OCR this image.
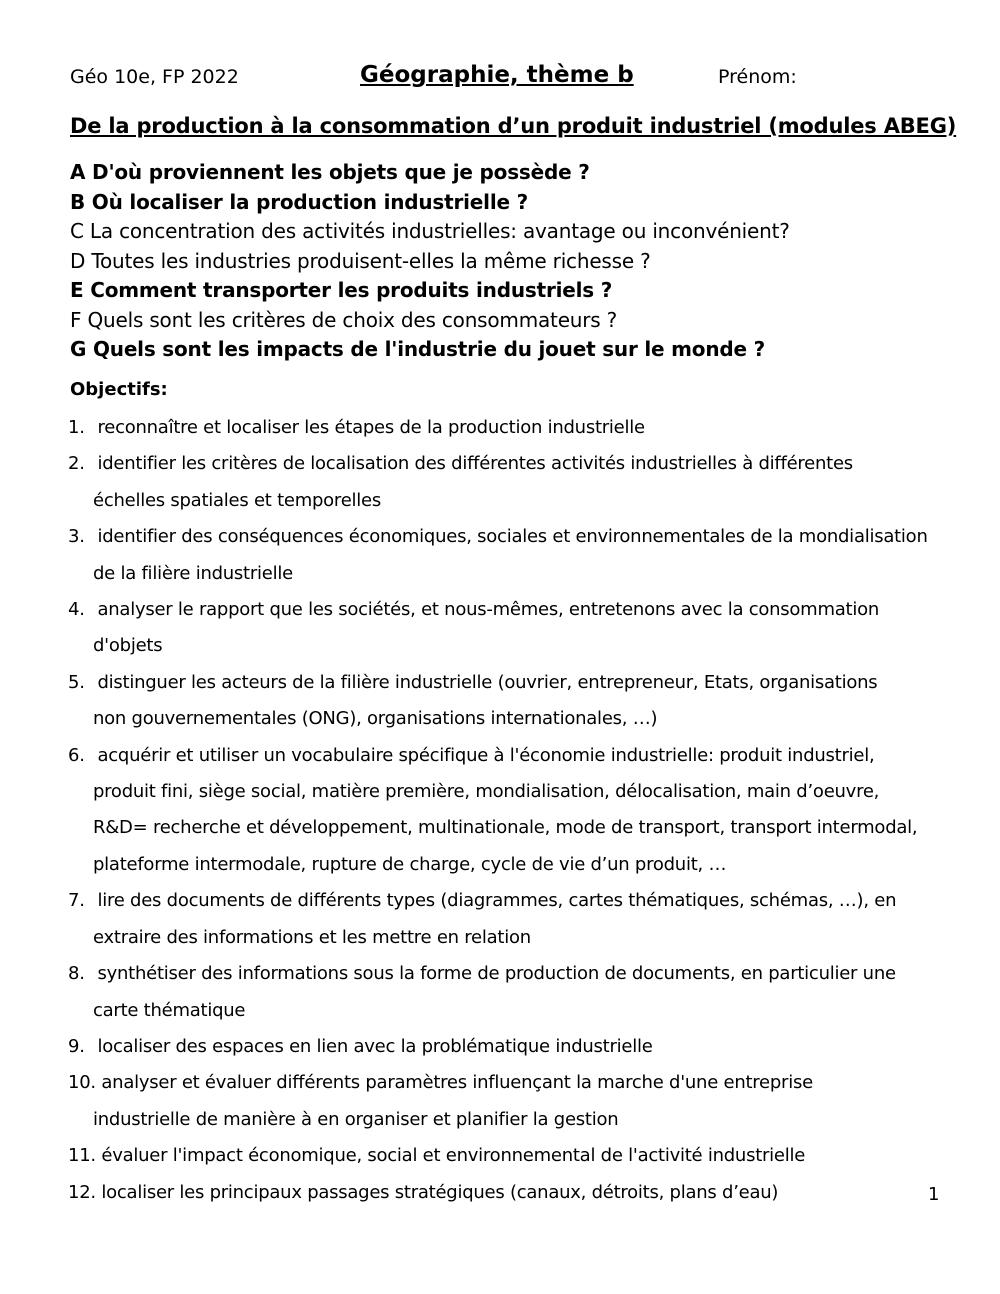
Géo 10e, FP 2022	Géographie, thème b	Prénom:
De la production à la consommation d’un produit industriel (modules ABEG)
A D'où proviennent les objets que je possède ?
B Où localiser la production industrielle ?
C La concentration des activités industrielles: avantage ou inconvénient?
D Toutes les industries produisent-elles la même richesse ?
E Comment transporter les produits industriels ?
F Quels sont les critères de choix des consommateurs ?
G Quels sont les impacts de l'industrie du jouet sur le monde ?
Objectifs:
1. reconnaître et localiser les étapes de la production industrielle
2. identifier les critères de localisation des différentes activités industrielles à différentes
échelles spatiales et temporelles
3. identifier des conséquences économiques, sociales et environnementales de la mondialisation
de la filière industrielle
4. analyser le rapport que les sociétés, et nous-mêmes, entretenons avec la consommation
d'objets
5. distinguer les acteurs de la filière industrielle (ouvrier, entrepreneur, Etats, organisations
non gouvernementales (ONG), organisations internationales, …)
6. acquérir et utiliser un vocabulaire spécifique à l'économie industrielle: produit industriel,
produit fini, siège social, matière première, mondialisation, délocalisation, main d’oeuvre,
R&D= recherche et développement, multinationale, mode de transport, transport intermodal,
plateforme intermodale, rupture de charge, cycle de vie d’un produit, …
7. lire des documents de différents types (diagrammes, cartes thématiques, schémas, …), en
extraire des informations et les mettre en relation
8. synthétiser des informations sous la forme de production de documents, en particulier une
carte thématique
9. localiser des espaces en lien avec la problématique industrielle
10. analyser et évaluer différents paramètres influençant la marche d'une entreprise
industrielle de manière à en organiser et planifier la gestion
11. évaluer l'impact économique, social et environnemental de l'activité industrielle
12. localiser les principaux passages stratégiques (canaux, détroits, plans d’eau)	1
